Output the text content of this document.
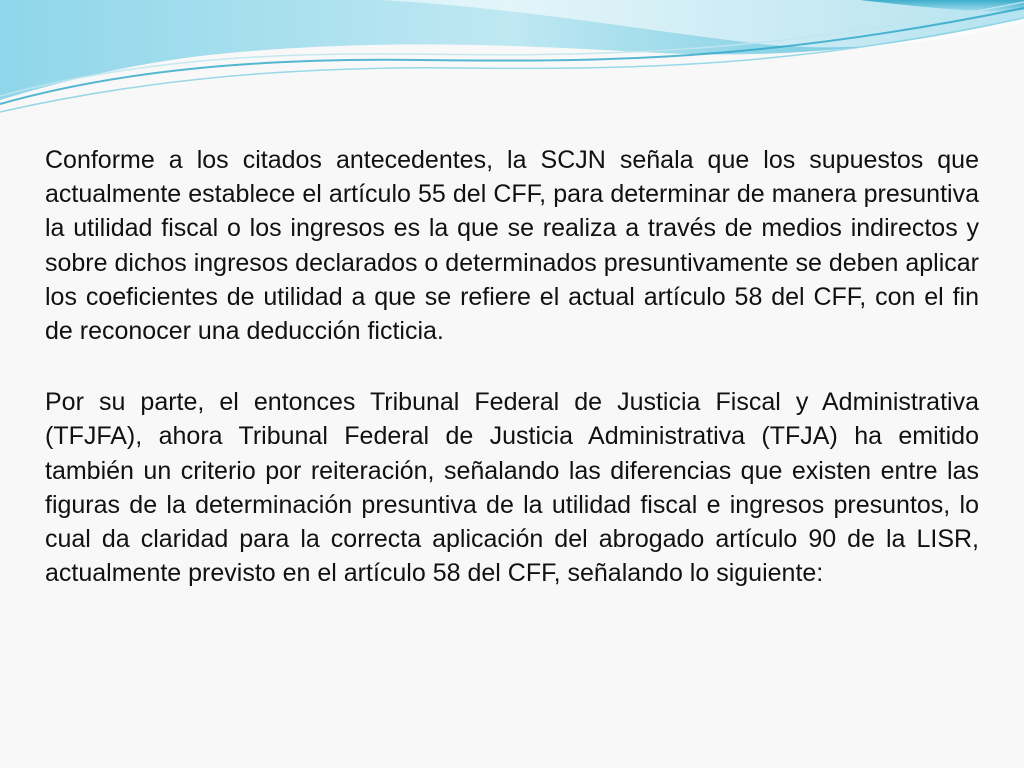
Conforme a los citados antecedentes, la SCJN señala que los supuestos que actualmente establece el artículo 55 del CFF, para determinar de manera presuntiva la utilidad fiscal o los ingresos es la que se realiza a través de medios indirectos y sobre dichos ingresos declarados o determinados presuntivamente se deben aplicar los coeficientes de utilidad a que se refiere el actual artículo 58 del CFF, con el fin de reconocer una deducción ficticia.

Por su parte, el entonces Tribunal Federal de Justicia Fiscal y Administrativa (TFJFA), ahora Tribunal Federal de Justicia Administrativa (TFJA) ha emitido también un criterio por reiteración, señalando las diferencias que existen entre las figuras de la determinación presuntiva de la utilidad fiscal e ingresos presuntos, lo cual da claridad para la correcta aplicación del abrogado artículo 90 de la LISR, actualmente previsto en el artículo 58 del CFF, señalando lo siguiente:
